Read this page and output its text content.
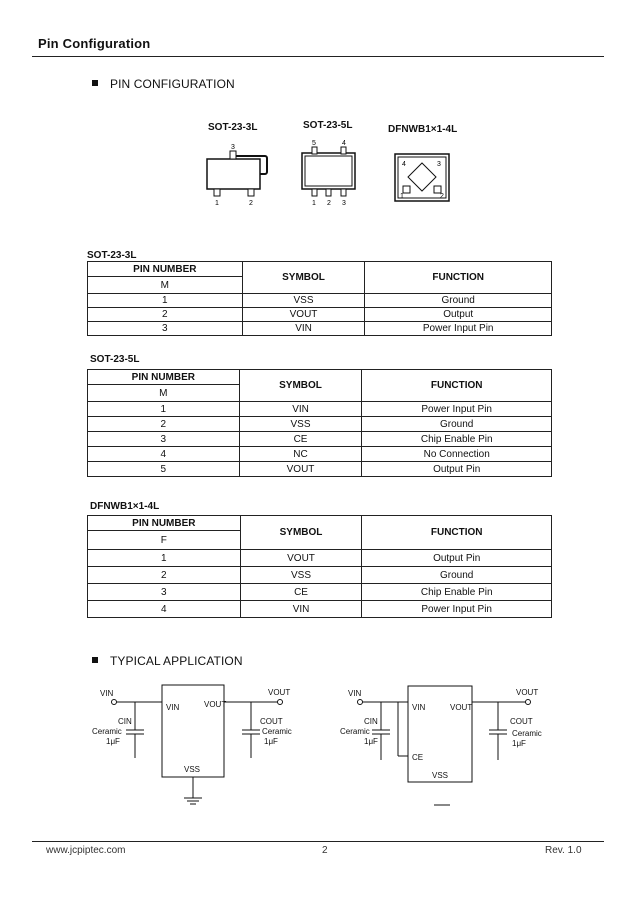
Pin Configuration
PIN CONFIGURATION
SOT-23-3L	SOT-23-5L	DFNWB1×1-4L
3
1	2
5	4
1 2 3
4	3
1	2
SOT-23-3L
PIN NUMBER	SYMBOL	FUNCTION
M		
1	VSS	Ground
2	VOUT	Output
3	VIN	Power Input Pin
SOT-23-5L
PIN NUMBER	SYMBOL	FUNCTION
M		
1	VIN	Power Input Pin
2	VSS	Ground
3	CE	Chip Enable Pin
4	NC	No Connection
5	VOUT	Output Pin
DFNWB1×1-4L
PIN NUMBER	SYMBOL	FUNCTION
F		
1	VOUT	Output Pin
2	VSS	Ground
3	CE	Chip Enable Pin
4	VIN	Power Input Pin
TYPICAL APPLICATION
VIN
VIN	VOUT
VOUT
VSS
CIN
Ceramic
1μF
COUT
Ceramic
1μF
VIN
VIN	VOUT
VOUT
CE
VSS
CIN
Ceramic
1μF
COUT
Ceramic
1μF
www.jcpiptec.com	2	Rev. 1.0
